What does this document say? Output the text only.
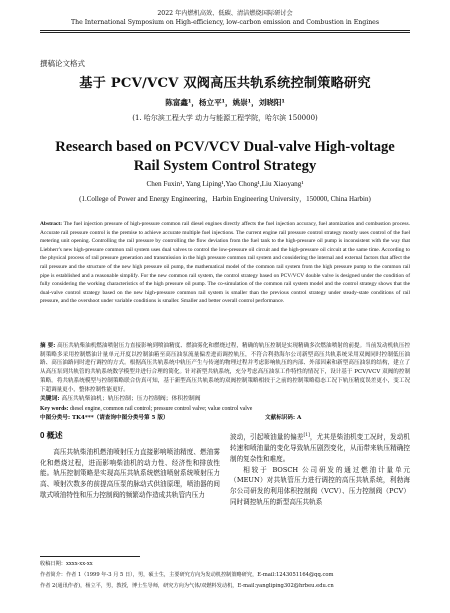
2022 年内燃机高效、低碳、清洁燃烧国际研讨会
The International Symposium on High-efficiency, low-carbon emission and Combustion in Engines
撰稿论文格式
基于 PCV/VCV 双阀高压共轨系统控制策略研究
陈富鑫¹，杨立平¹，姚崇¹，刘晓阳¹
(1. 哈尔滨工程大学 动力与能源工程学院，哈尔滨 150000)
Research based on PCV/VCV Dual-valve High-voltage
Rail System Control Strategy
Chen Fuxin¹, Yang Liping¹,Yao Chong¹,Liu Xiaoyang¹
(1.College of Power and Energy Engineering，Harbin Engineering University，150000, China Harbin)
Abstract: The fuel injection pressure of high-pressure common rail diesel engines directly affects the fuel injection accuracy, fuel atomization and combustion process. Accurate rail pressure control is the premise to achieve accurate multiple fuel injections. The current engine rail pressure control strategy mostly uses control of the fuel metering unit opening. Controlling the rail pressure by controlling the flow deviation from the fuel tank to the high-pressure oil pump is inconsistent with the way that Liebherr's new high-pressure common rail system uses dual valves to control the low-pressure oil circuit and the high-pressure oil circuit at the same time. According to the physical process of rail pressure generation and transmission in the high pressure common rail system and considering the internal and external factors that affect the rail pressure and the structure of the new high pressure oil pump, the mathematical model of the common rail system from the high pressure pump to the common rail pipe is established and a reasonable simplify. For the new common rail system, the control strategy based on PCV/VCV double valve is designed under the condition of fully considering the working characteristics of the high pressure oil pump. The co-simulation of the common rail system model and the control strategy shows that the dual-valve control strategy based on the new high-pressure common rail system is smaller than the previous control strategy under steady-state conditions of rail pressure, and the overshoot under variable conditions is smaller. Smaller and better overall control performance.
摘 要: 高压共轨柴油机燃油喷射压力直接影响到喷油精度、燃油雾化和燃烧过程，精确的轨压控制是实现精确多次燃油喷射的前提。当前发动机轨压控制策略多采用控制燃油计量单元开度以控制油箱至高压油泵流量偏差进而调控轨压，不符合利勃海尔公司新型高压共轨系统采用双阀同时控制低压油路、高压油路同时进行调控的方式。根据高压共轨系统中轨压产生与传递的物理过程并考虑影响轨压的内部、外部因素和新型高压油泵的结构，建立了从高压泵到共轨管的共轨系统数学模型并进行合理的简化。针对新型共轨系统，充分考虑高压油泵工作特性的情况下，设计基于 PCV/VCV 双阀的控制策略。将共轨系统模型与控制策略联合仿真可知，基于新型高压共轨系统的双阀控制策略相较于之前的控制策略稳态工况下轨压精度误差更小，变工况下超调量更小，整体控制性能更好。
关键词: 高压共轨柴油机；轨压控制；压力控制阀；体积控制阀
Key words: diesel engine, common rail control; pressure control valve; value control valve
中图分类号: TK4***（请查询中图分类号第 5 版）	文献标识码: A
0 概述

高压共轨柴油机燃油喷射压力直接影响喷油精度、燃油雾化和燃烧过程，进而影响柴油机的动力性、经济性和排放性能。轨压控制策略是实现高压共轨系统燃油喷射系统喷射压力高、喷射次数多的前提高压泵的脉动式供油原理，喷油器的间歇式喷油特性和压力控制阀的频繁动作造成共轨管内压力

波动，引起喷油量的偏差[1]，尤其是柴油机变工况时，发动机转速和喷油量的变化导致轨压剧烈变化，从而带来轨压精确控制的复杂性和难度。

相较于 BOSCH 公司研发的通过燃油计量单元（MEUN）对共轨管压力进行调控的高压共轨系统，利勃海尔公司研发的利用体积控制阀（VCV）、压力控制阀（PCV）同时调控轨压的新型高压共轨系

收稿日期：xxxx-xx-xx
作者简介：作者 1（1999 年-3 月 5 日），男，硕士生，主要研究方向为发动机控制策略研究，E-mail:1243051164@qq.com
作者 2(通讯作者)，杨立平，男，教授，博士生导师，研究方向为气体/双燃料发动机，E-mail:yangliping302@hrbeu.edu.cn
